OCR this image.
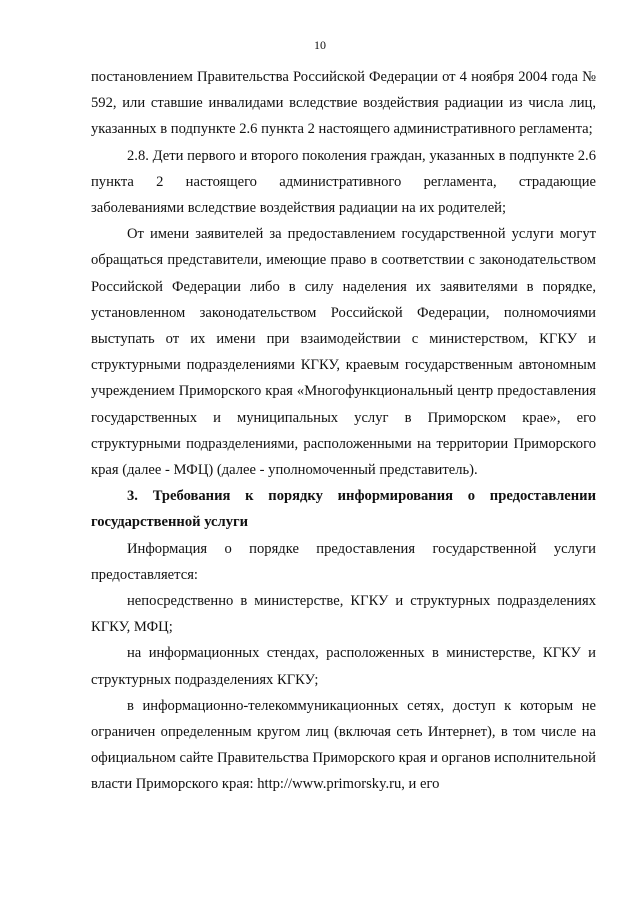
10

постановлением Правительства Российской Федерации от 4 ноября 2004 года № 592, или ставшие инвалидами вследствие воздействия радиации из числа лиц, указанных в подпункте 2.6 пункта 2 настоящего административного регламента;

2.8. Дети первого и второго поколения граждан, указанных в подпункте 2.6 пункта 2 настоящего административного регламента, страдающие заболеваниями вследствие воздействия радиации на их родителей;

От имени заявителей за предоставлением государственной услуги могут обращаться представители, имеющие право в соответствии с законодательством Российской Федерации либо в силу наделения их заявителями в порядке, установленном законодательством Российской Федерации, полномочиями выступать от их имени при взаимодействии с министерством, КГКУ и структурными подразделениями КГКУ, краевым государственным автономным учреждением Приморского края «Многофункциональный центр предоставления государственных и муниципальных услуг в Приморском крае», его структурными подразделениями, расположенными на территории Приморского края (далее - МФЦ) (далее - уполномоченный представитель).

3. Требования к порядку информирования о предоставлении государственной услуги

Информация о порядке предоставления государственной услуги предоставляется:

непосредственно в министерстве, КГКУ и структурных подразделениях КГКУ, МФЦ;

на информационных стендах, расположенных в министерстве, КГКУ и структурных подразделениях КГКУ;

в информационно-телекоммуникационных сетях, доступ к которым не ограничен определенным кругом лиц (включая сеть Интернет), в том числе на официальном сайте Правительства Приморского края и органов исполнительной власти Приморского края: http://www.primorsky.ru, и его
